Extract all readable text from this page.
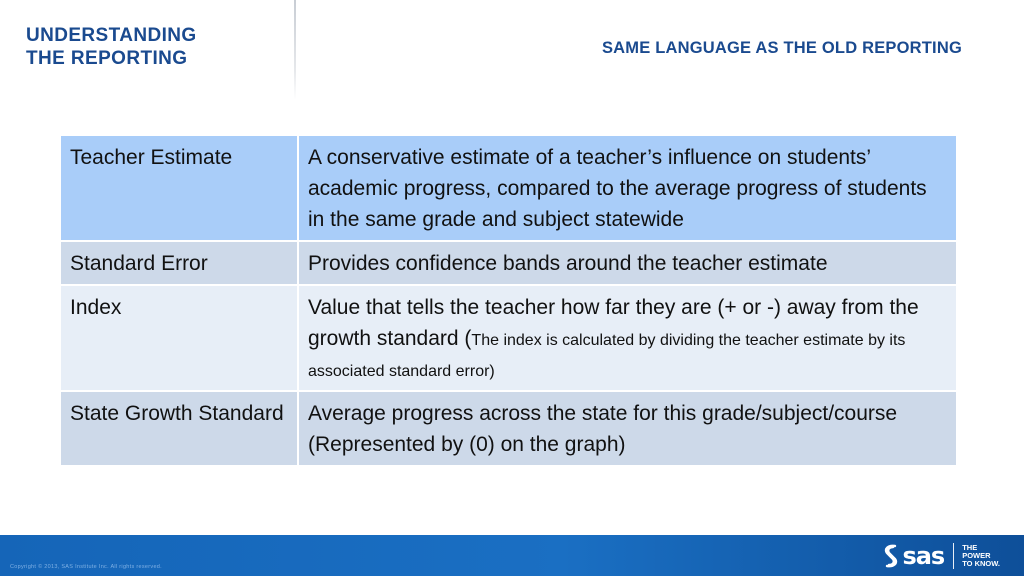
UNDERSTANDING
THE REPORTING	SAME LANGUAGE AS THE OLD REPORTING
Teacher Estimate	A conservative estimate of a teacher’s influence on students’ academic progress, compared to the average progress of students in the same grade and subject statewide
Standard Error	Provides confidence bands around the teacher estimate
Index	Value that tells the teacher how far they are (+ or -) away from the growth standard (The index is calculated by dividing the teacher estimate by its associated standard error)
State Growth Standard	Average progress across the state for this grade/subject/course (Represented by (0) on the graph)
Copyright © 2013, SAS Institute Inc. All rights reserved.	sas THE
POWER
TO KNOW.
